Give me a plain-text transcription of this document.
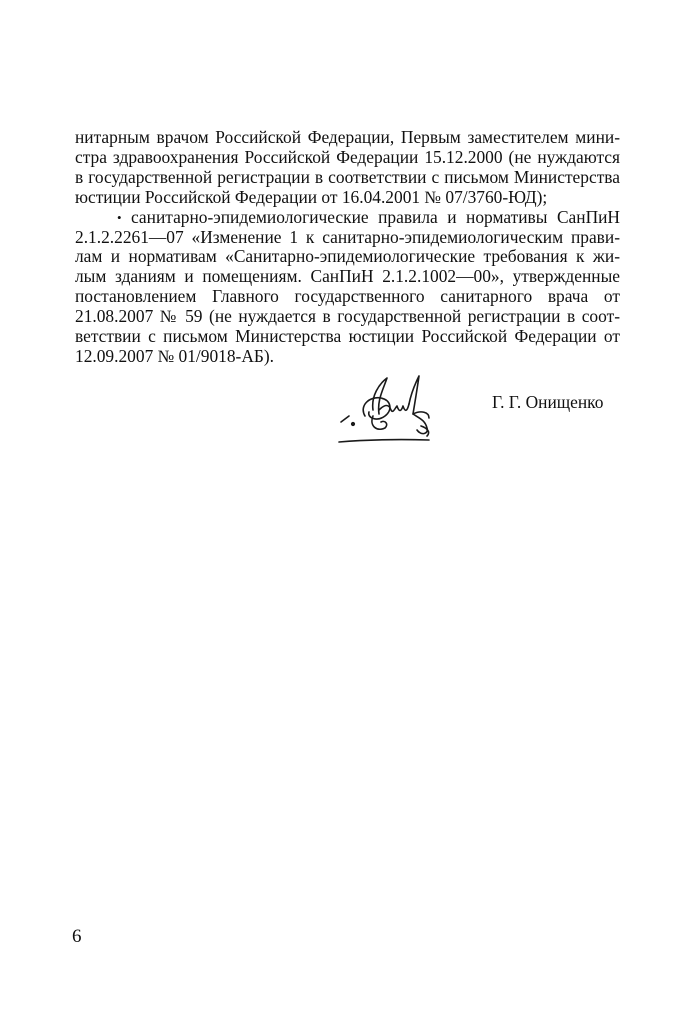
нитарным врачом Российской Федерации, Первым заместителем мини-
стра здравоохранения Российской Федерации 15.12.2000 (не нуждаются
в государственной регистрации в соответствии с письмом Министерства
юстиции Российской Федерации от 16.04.2001 № 07/3760-ЮД);
• санитарно-эпидемиологические правила и нормативы СанПиН
2.1.2.2261—07 «Изменение 1 к санитарно-эпидемиологическим прави-
лам и нормативам «Санитарно-эпидемиологические требования к жи-
лым зданиям и помещениям. СанПиН 2.1.2.1002—00», утвержденные
постановлением Главного государственного санитарного врача от
21.08.2007 № 59 (не нуждается в государственной регистрации в соот-
ветствии с письмом Министерства юстиции Российской Федерации от
12.09.2007 № 01/9018-АБ).
Г. Г. Онищенко
6
